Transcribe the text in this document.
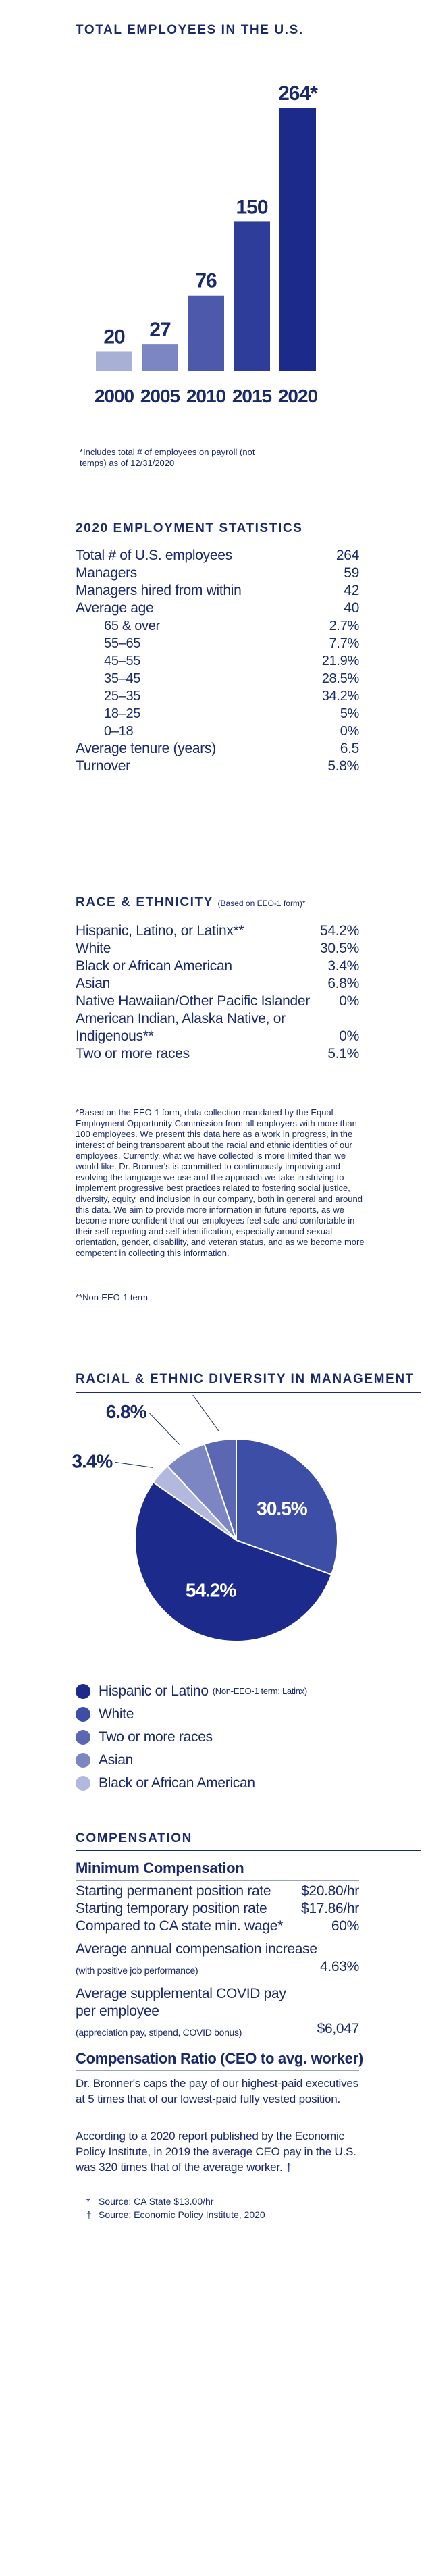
TOTAL EMPLOYEES IN THE U.S.
20
2000
27
2005
76
2010
150
2015
264*
2020
*Includes total # of employees on payroll (not temps) as of 12/31/2020
2020 EMPLOYMENT STATISTICS
Total # of U.S. employees	264
Managers	59
Managers hired from within	42
Average age	40
65 & over	2.7%
55–65	7.7%
45–55	21.9%
35–45	28.5%
25–35	34.2%
18–25	5%
0–18	0%
Average tenure (years)	6.5
Turnover	5.8%
RACE & ETHNICITY (Based on EEO-1 form)*
Hispanic, Latino, or Latinx**	54.2%
White	30.5%
Black or African American	3.4%
Asian	6.8%
Native Hawaiian/Other Pacific Islander 0%
American Indian, Alaska Native, or Indigenous**	0%
Two or more races	5.1%
*Based on the EEO-1 form, data collection mandated by the Equal Employment Opportunity Commission from all employers with more than 100 employees. We present this data here as a work in progress, in the interest of being transparent about the racial and ethnic identities of our employees. Currently, what we have collected is more limited than we would like. Dr. Bronner's is committed to continuously improving and evolving the language we use and the approach we take in striving to implement progressive best practices related to fostering social justice, diversity, equity, and inclusion in our company, both in general and around this data. We aim to provide more information in future reports, as we become more confident that our employees feel safe and comfortable in their self-reporting and self-identification, especially around sexual orientation, gender, disability, and veteran status, and as we become more competent in collecting this information.
**Non-EEO-1 term
RACIAL & ETHNIC DIVERSITY IN MANAGEMENT
30.5%
54.2%
3.4%
6.8%
Hispanic or Latino (Non-EEO-1 term: Latinx)
White
Two or more races
Asian
Black or African American
COMPENSATION
Minimum Compensation
Starting permanent position rate $20.80/hr
Starting temporary position rate $17.86/hr
Compared to CA state min. wage*	60%
Average annual compensation increase
(with positive job performance)	4.63%
Average supplemental COVID pay
per employee
(appreciation pay, stipend, COVID bonus)	$6,047
Compensation Ratio (CEO to avg. worker)
Dr. Bronner's caps the pay of our highest-paid executives at 5 times that of our lowest-paid fully vested position.
According to a 2020 report published by the Economic Policy Institute, in 2019 the average CEO pay in the U.S. was 320 times that of the average worker. †
* Source: CA State $13.00/hr
† Source: Economic Policy Institute, 2020
